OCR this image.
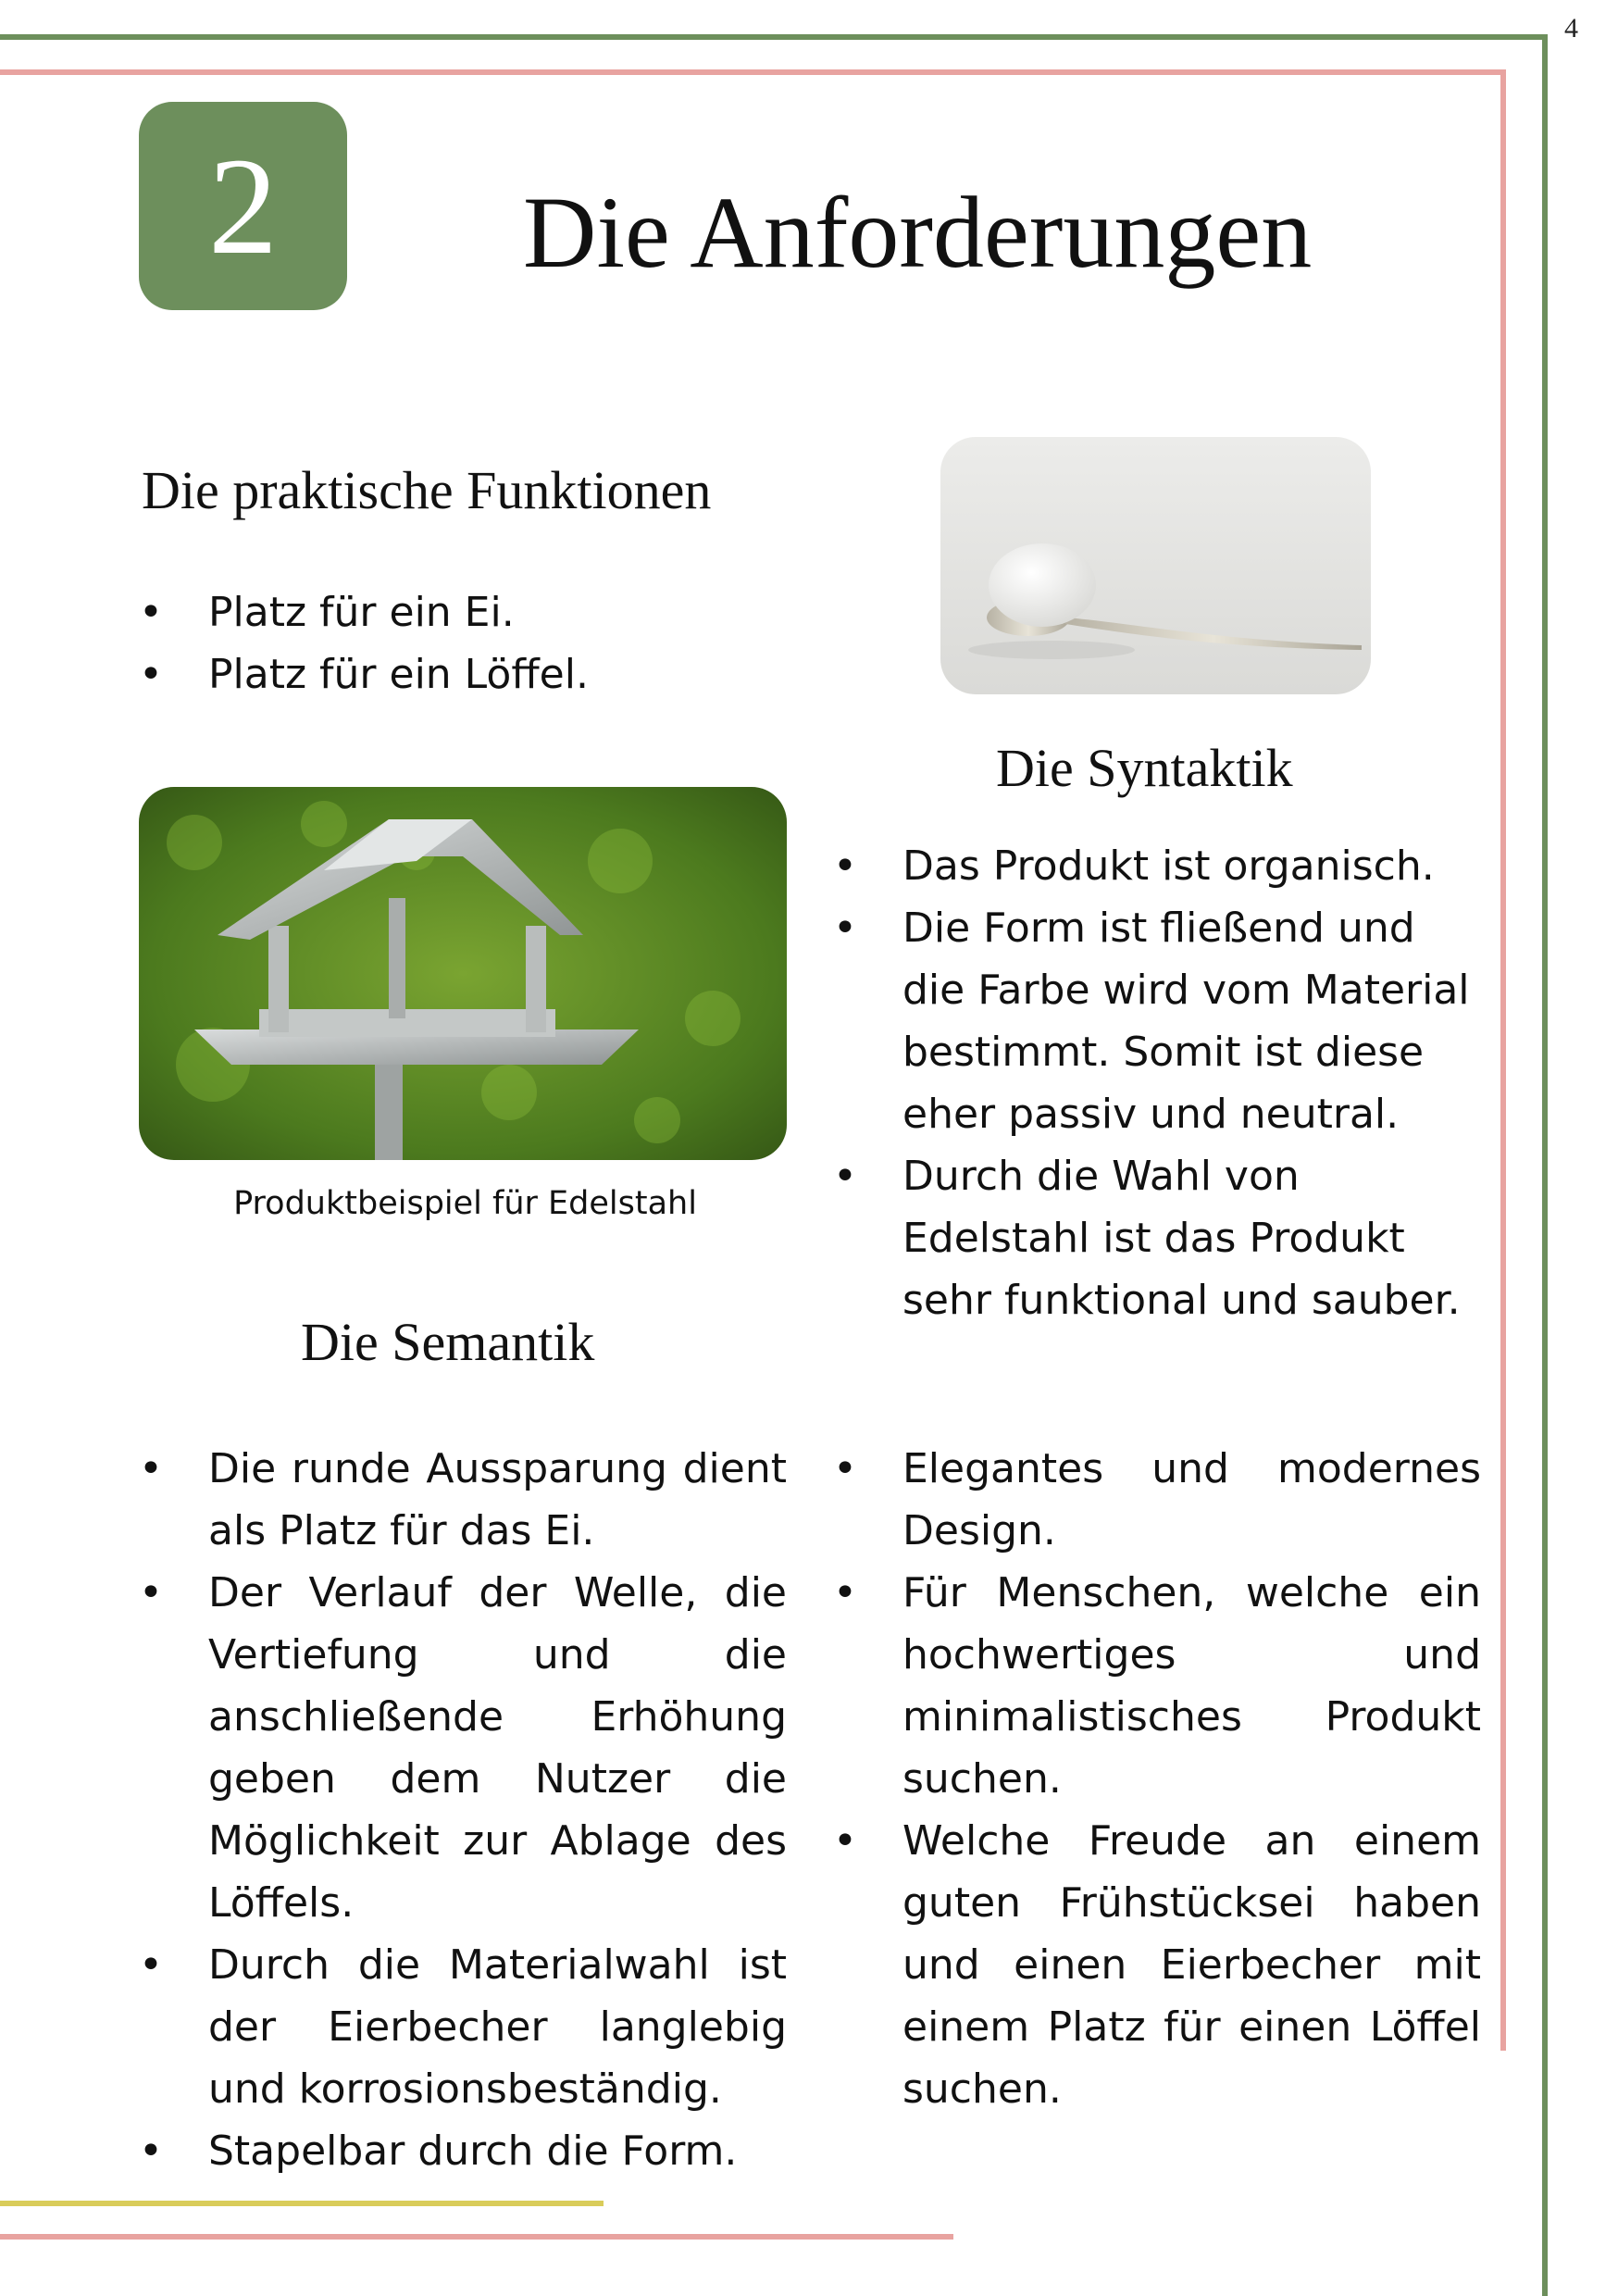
4
2	Die Anforderungen
Die praktische Funktionen
• Platz für ein Ei.
• Platz für ein Löffel.
Produktbeispiel für Edelstahl
Die Syntaktik
• Das Produkt ist organisch.
• Die Form ist fließend und die Farbe wird vom Material bestimmt. Somit ist diese eher passiv und neutral.
• Durch die Wahl von Edelstahl ist das Produkt sehr funktional und sauber.
Die Semantik
• Die runde Aussparung dient als Platz für das Ei.
• Der Verlauf der Welle, die Vertiefung und die anschließende Erhöhung geben dem Nutzer die Möglichkeit zur Ablage des Löffels.
• Durch die Materialwahl ist der Eierbecher langlebig und korrosionsbeständig.
• Stapelbar durch die Form.
• Elegantes und modernes Design.
• Für Menschen, welche ein hochwertiges und minimalistisches Produkt suchen.
• Welche Freude an einem guten Frühstücksei haben und einen Eierbecher mit einem Platz für einen Löffel suchen.
